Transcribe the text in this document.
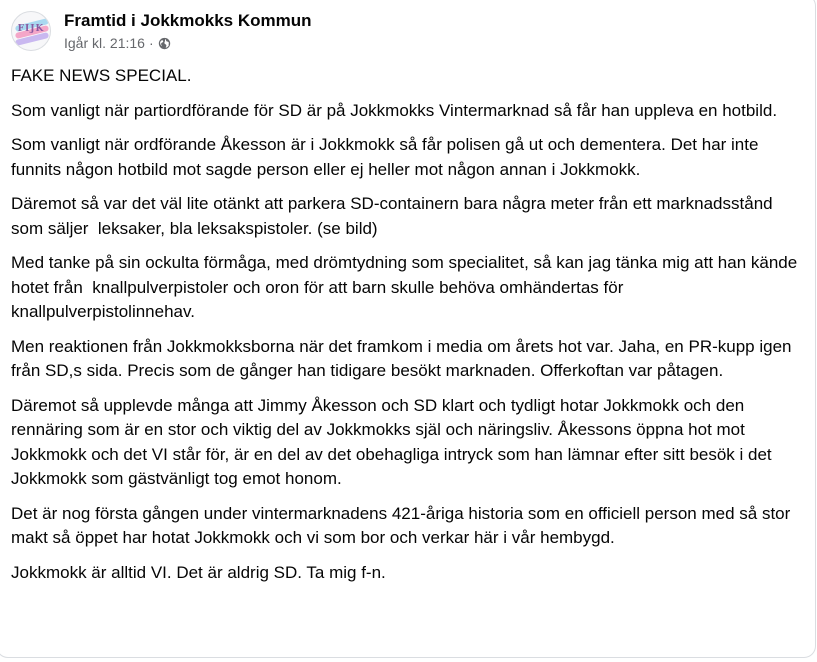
FIJK	Framtid i Jokkmokks Kommun
Igår kl. 21:16 ·

FAKE NEWS SPECIAL.

Som vanligt när partiordförande för SD är på Jokkmokks Vintermarknad så får han uppleva en hotbild.

Som vanligt när ordförande Åkesson är i Jokkmokk så får polisen gå ut och dementera. Det har inte funnits någon hotbild mot sagde person eller ej heller mot någon annan i Jokkmokk.

Däremot så var det väl lite otänkt att parkera SD-containern bara några meter från ett marknadsstånd som säljer  leksaker, bla leksakspistoler. (se bild)

Med tanke på sin ockulta förmåga, med drömtydning som specialitet, så kan jag tänka mig att han kände hotet från  knallpulverpistoler och oron för att barn skulle behöva omhändertas för knallpulverpistolinnehav.

Men reaktionen från Jokkmokksborna när det framkom i media om årets hot var. Jaha, en PR-kupp igen från SD,s sida. Precis som de gånger han tidigare besökt marknaden. Offerkoftan var påtagen.

Däremot så upplevde många att Jimmy Åkesson och SD klart och tydligt hotar Jokkmokk och den rennäring som är en stor och viktig del av Jokkmokks själ och näringsliv. Åkessons öppna hot mot Jokkmokk och det VI står för, är en del av det obehagliga intryck som han lämnar efter sitt besök i det Jokkmokk som gästvänligt tog emot honom.

Det är nog första gången under vintermarknadens 421-åriga historia som en officiell person med så stor makt så öppet har hotat Jokkmokk och vi som bor och verkar här i vår hembygd.

Jokkmokk är alltid VI. Det är aldrig SD. Ta mig f-n.
